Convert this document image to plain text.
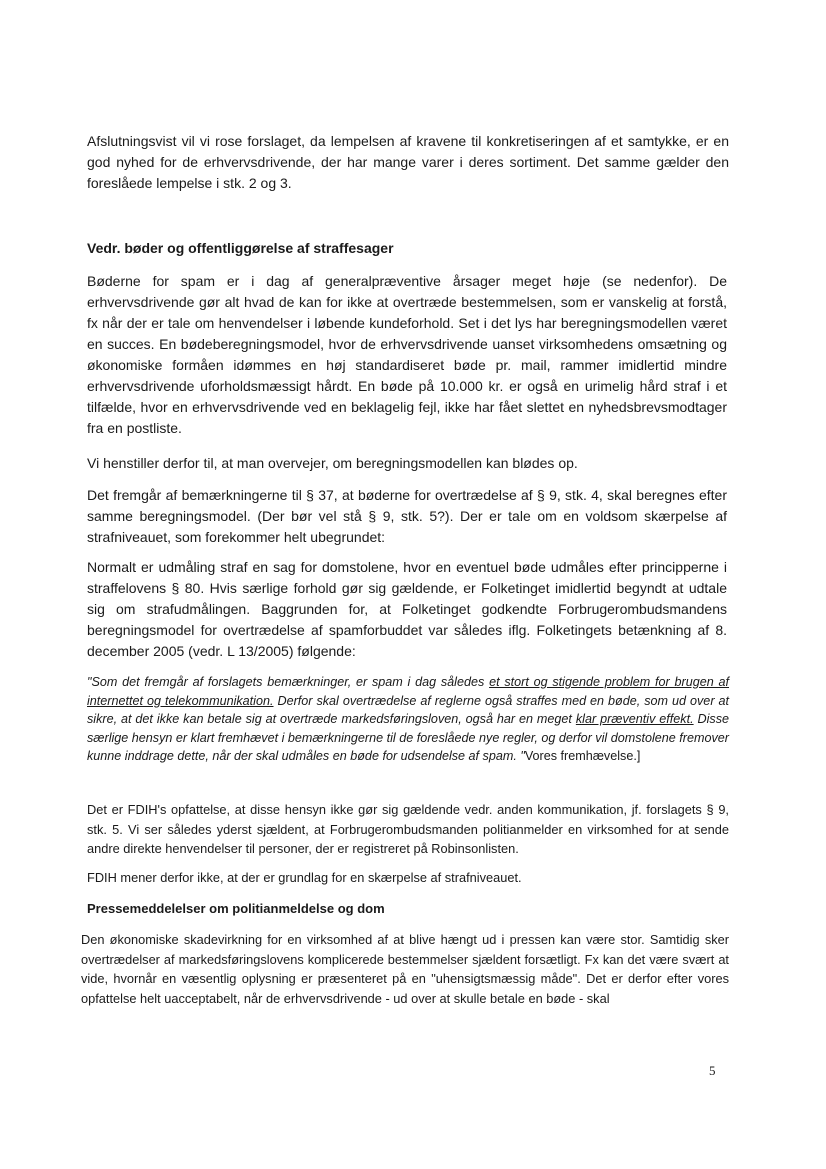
Afslutningsvist vil vi rose forslaget, da lempelsen af kravene til konkretiseringen af et samtykke, er en god nyhed for de erhvervsdrivende, der har mange varer i deres sortiment. Det samme gælder den foreslåede lempelse i stk. 2 og 3.

Vedr. bøder og offentliggørelse af straffesager

Bøderne for spam er i dag af generalpræventive årsager meget høje (se nedenfor). De erhvervsdrivende gør alt hvad de kan for ikke at overtræde bestemmelsen, som er vanskelig at forstå, fx når der er tale om henvendelser i løbende kundeforhold. Set i det lys har beregningsmodellen været en succes. En bødeberegningsmodel, hvor de erhvervsdrivende uanset virksomhedens omsætning og økonomiske formåen idømmes en høj standardiseret bøde pr. mail, rammer imidlertid mindre erhvervsdrivende uforholdsmæssigt hårdt. En bøde på 10.000 kr. er også en urimelig hård straf i et tilfælde, hvor en erhvervsdrivende ved en beklagelig fejl, ikke har fået slettet en nyhedsbrevsmodtager fra en postliste.

Vi henstiller derfor til, at man overvejer, om beregningsmodellen kan blødes op.

Det fremgår af bemærkningerne til § 37, at bøderne for overtrædelse af § 9, stk. 4, skal beregnes efter samme beregningsmodel. (Der bør vel stå § 9, stk. 5?). Der er tale om en voldsom skærpelse af strafniveauet, som forekommer helt ubegrundet:

Normalt er udmåling straf en sag for domstolene, hvor en eventuel bøde udmåles efter principperne i straffelovens § 80. Hvis særlige forhold gør sig gældende, er Folketinget imidlertid begyndt at udtale sig om strafudmålingen. Baggrunden for, at Folketinget godkendte Forbrugerombudsmandens beregningsmodel for overtrædelse af spamforbuddet var således iflg. Folketingets betænkning af 8. december 2005 (vedr. L 13/2005) følgende:

"Som det fremgår af forslagets bemærkninger, er spam i dag således et stort og stigende problem for brugen af internettet og telekommunikation. Derfor skal overtrædelse af reglerne også straffes med en bøde, som ud over at sikre, at det ikke kan betale sig at overtræde markedsføringsloven, også har en meget klar præventiv effekt. Disse særlige hensyn er klart fremhævet i bemærkningerne til de foreslåede nye regler, og derfor vil domstolene fremover kunne inddrage dette, når der skal udmåles en bøde for udsendelse af spam. "Vores fremhævelse.]

Det er FDIH's opfattelse, at disse hensyn ikke gør sig gældende vedr. anden kommunikation, jf. forslagets § 9, stk. 5. Vi ser således yderst sjældent, at Forbrugerombudsmanden politianmelder en virksomhed for at sende andre direkte henvendelser til personer, der er registreret på Robinsonlisten.

FDIH mener derfor ikke, at der er grundlag for en skærpelse af strafniveauet.

Pressemeddelelser om politianmeldelse og dom

Den økonomiske skadevirkning for en virksomhed af at blive hængt ud i pressen kan være stor. Samtidig sker overtrædelser af markedsføringslovens komplicerede bestemmelser sjældent forsætligt. Fx kan det være svært at vide, hvornår en væsentlig oplysning er præsenteret på en "uhensigtsmæssig måde". Det er derfor efter vores opfattelse helt uacceptabelt, når de erhvervsdrivende - ud over at skulle betale en bøde - skal

5
